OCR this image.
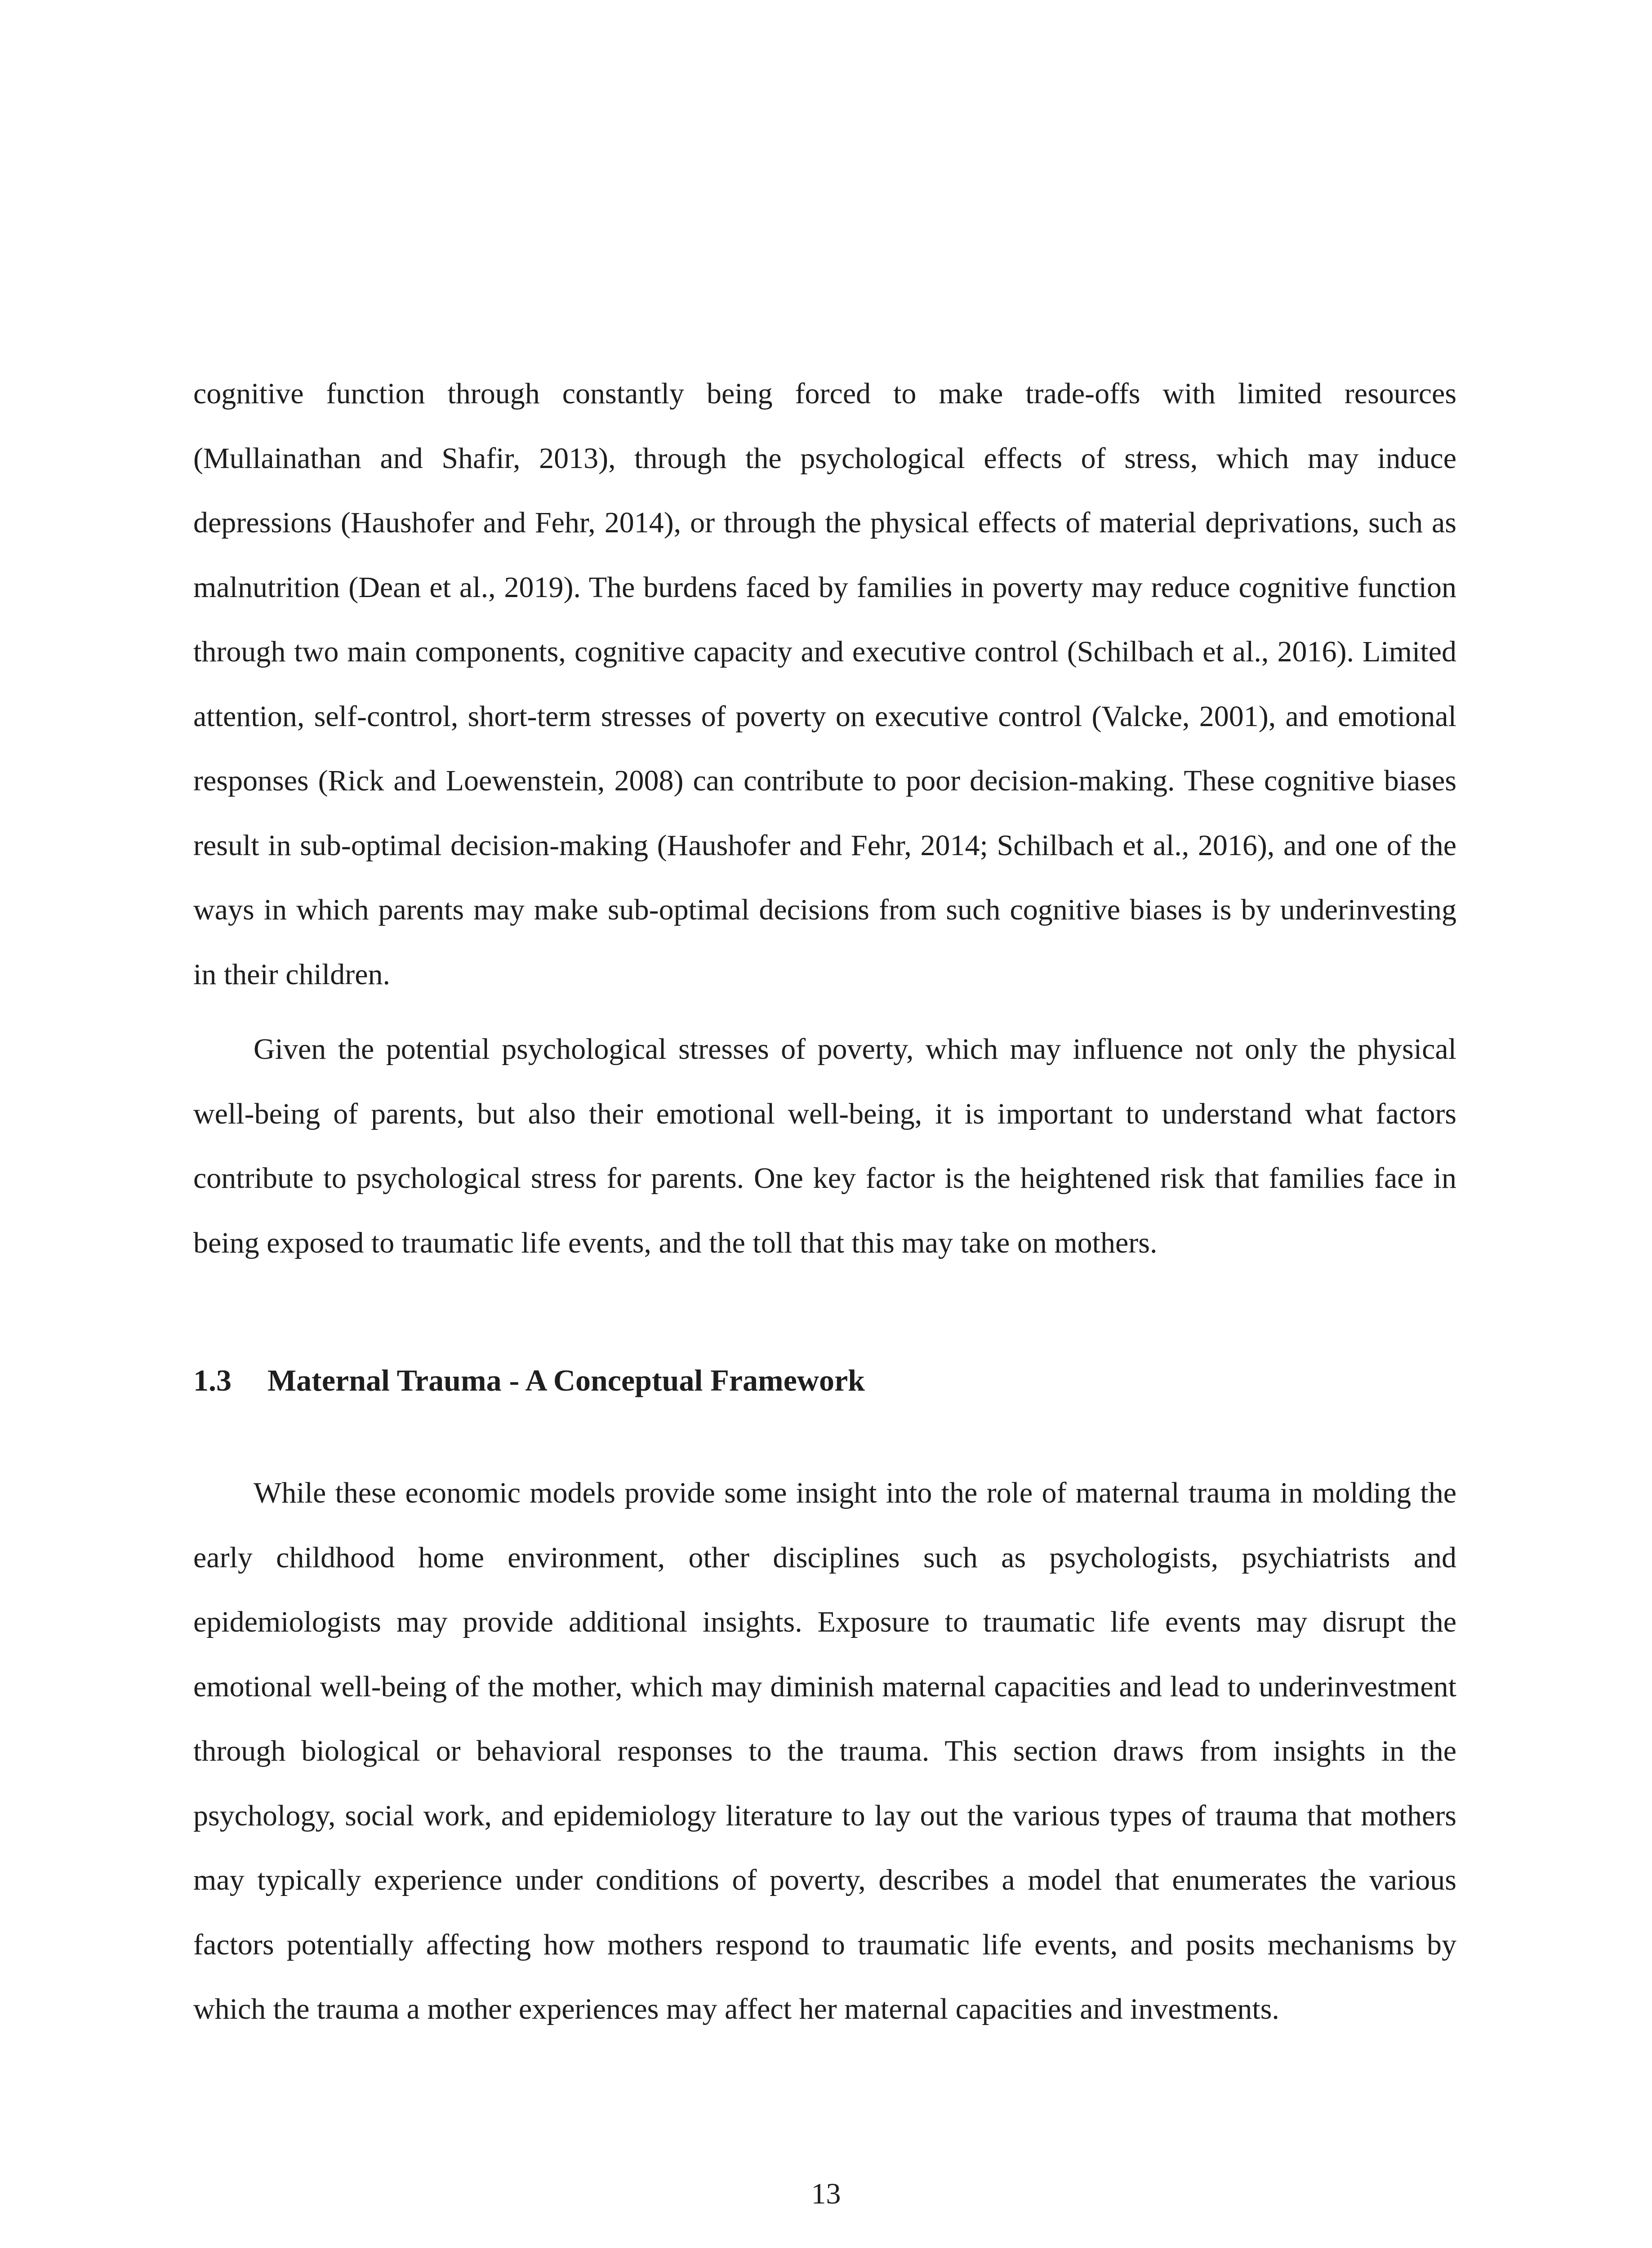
cognitive function through constantly being forced to make trade-offs with limited resources (Mullainathan and Shafir, 2013), through the psychological effects of stress, which may induce depressions (Haushofer and Fehr, 2014), or through the physical effects of material deprivations, such as malnutrition (Dean et al., 2019). The burdens faced by families in poverty may reduce cognitive function through two main components, cognitive capacity and executive control (Schilbach et al., 2016). Limited attention, self-control, short-term stresses of poverty on executive control (Valcke, 2001), and emotional responses (Rick and Loewenstein, 2008) can contribute to poor decision-making. These cognitive biases result in sub-optimal decision-making (Haushofer and Fehr, 2014; Schilbach et al., 2016), and one of the ways in which parents may make sub-optimal decisions from such cognitive biases is by underinvesting in their children.

Given the potential psychological stresses of poverty, which may influence not only the physical well-being of parents, but also their emotional well-being, it is important to understand what factors contribute to psychological stress for parents. One key factor is the heightened risk that families face in being exposed to traumatic life events, and the toll that this may take on mothers.

1.3 Maternal Trauma - A Conceptual Framework

While these economic models provide some insight into the role of maternal trauma in molding the early childhood home environment, other disciplines such as psychologists, psychiatrists and epidemiologists may provide additional insights. Exposure to traumatic life events may disrupt the emotional well-being of the mother, which may diminish maternal capacities and lead to underinvestment through biological or behavioral responses to the trauma. This section draws from insights in the psychology, social work, and epidemiology literature to lay out the various types of trauma that mothers may typically experience under conditions of poverty, describes a model that enumerates the various factors potentially affecting how mothers respond to traumatic life events, and posits mechanisms by which the trauma a mother experiences may affect her maternal capacities and investments.

13
